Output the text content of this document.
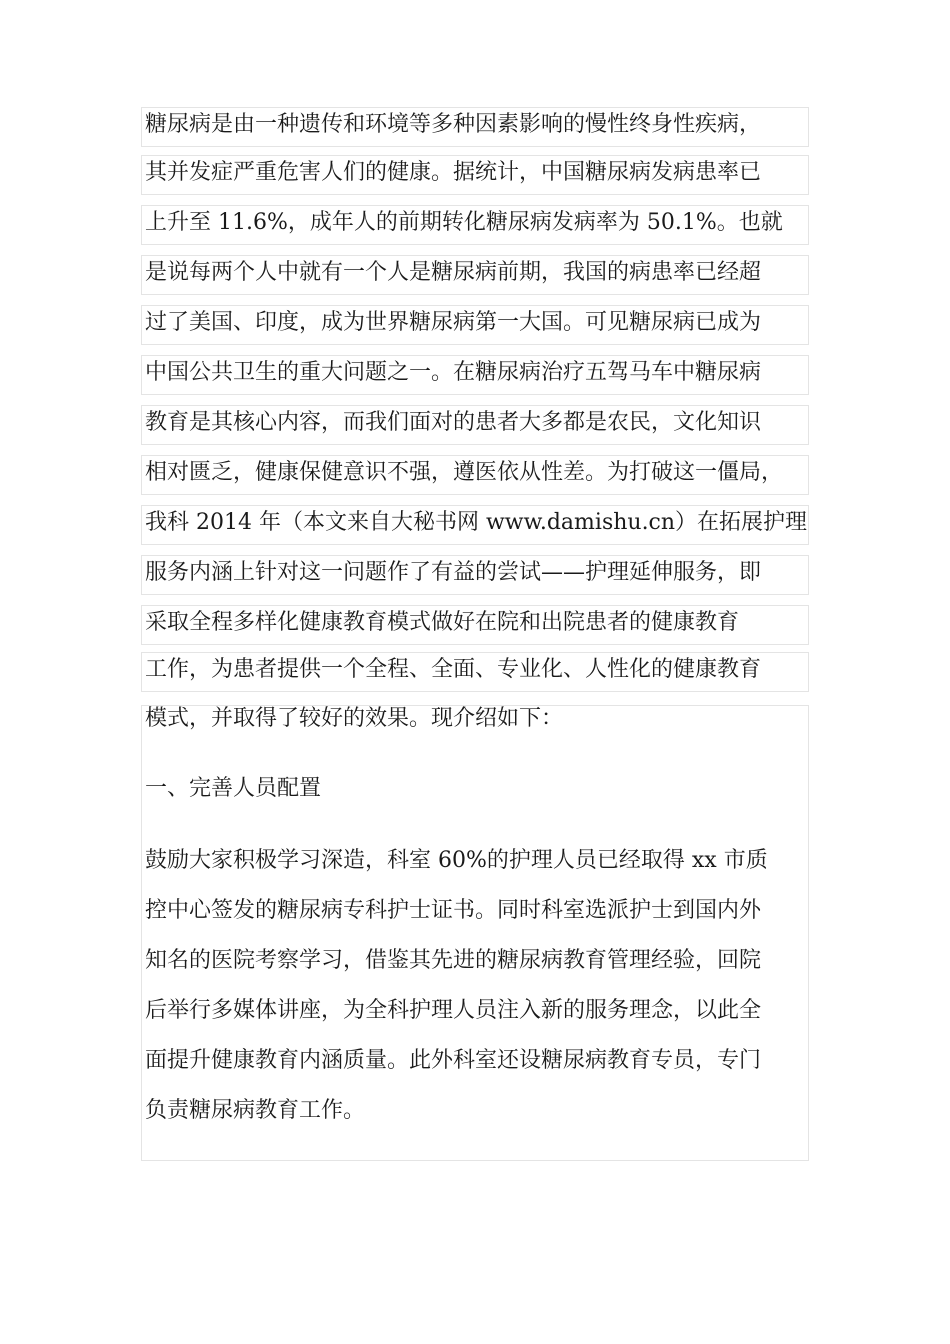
糖尿病是由一种遗传和环境等多种因素影响的慢性终身性疾病，
其并发症严重危害人们的健康。据统计，中国糖尿病发病患率已
上升至 11.6%，成年人的前期转化糖尿病发病率为 50.1%。也就
是说每两个人中就有一个人是糖尿病前期，我国的病患率已经超
过了美国、印度，成为世界糖尿病第一大国。可见糖尿病已成为
中国公共卫生的重大问题之一。在糖尿病治疗五驾马车中糖尿病
教育是其核心内容，而我们面对的患者大多都是农民，文化知识
相对匮乏，健康保健意识不强，遵医依从性差。为打破这一僵局，
我科 2014 年（本文来自大秘书网 www.damishu.cn）在拓展护理
服务内涵上针对这一问题作了有益的尝试——护理延伸服务，即
采取全程多样化健康教育模式做好在院和出院患者的健康教育
工作，为患者提供一个全程、全面、专业化、人性化的健康教育
模式，并取得了较好的效果。现介绍如下：
一、完善人员配置
鼓励大家积极学习深造，科室 60%的护理人员已经取得 xx 市质
控中心签发的糖尿病专科护士证书。同时科室选派护士到国内外
知名的医院考察学习，借鉴其先进的糖尿病教育管理经验，回院
后举行多媒体讲座，为全科护理人员注入新的服务理念，以此全
面提升健康教育内涵质量。此外科室还设糖尿病教育专员，专门
负责糖尿病教育工作。
